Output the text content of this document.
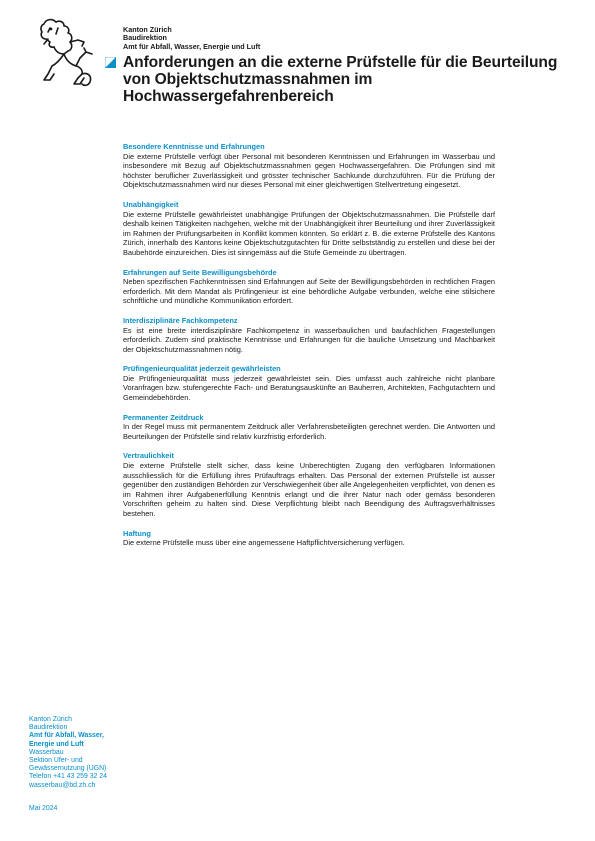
Kanton Zürich
Baudirektion
Amt für Abfall, Wasser, Energie und Luft
Anforderungen an die externe Prüfstelle für die Beurteilung von Objektschutzmassnahmen im Hochwassergefahrenbereich
Besondere Kenntnisse und Erfahrungen

Die externe Prüfstelle verfügt über Personal mit besonderen Kenntnissen und Erfahrungen im Wasserbau und insbesondere mit Bezug auf Objektschutzmassnahmen gegen Hochwassergefahren. Die Prüfungen sind mit höchster beruflicher Zuverlässigkeit und grösster technischer Sachkunde durchzuführen. Für die Prüfung der Objektschutzmassnahmen wird nur dieses Personal mit einer gleichwertigen Stellvertretung eingesetzt.

Unabhängigkeit

Die externe Prüfstelle gewährleistet unabhängige Prüfungen der Objektschutzmassnahmen. Die Prüfstelle darf deshalb keinen Tätigkeiten nachgehen, welche mit der Unabhängigkeit ihrer Beurteilung und ihrer Zuverlässigkeit im Rahmen der Prüfungsarbeiten in Konflikt kommen könnten. So erklärt z. B. die externe Prüfstelle des Kantons Zürich, innerhalb des Kantons keine Objektschutzgutachten für Dritte selbstständig zu erstellen und diese bei der Baubehörde einzureichen. Dies ist sinngemäss auf die Stufe Gemeinde zu übertragen.

Erfahrungen auf Seite Bewilligungsbehörde

Neben spezifischen Fachkenntnissen sind Erfahrungen auf Seite der Bewilligungsbehörden in rechtlichen Fragen erforderlich. Mit dem Mandat als Prüfingenieur ist eine behördliche Aufgabe verbunden, welche eine stilsichere schriftliche und mündliche Kommunikation erfordert.

Interdisziplinäre Fachkompetenz

Es ist eine breite interdisziplinäre Fachkompetenz in wasserbaulichen und baufachlichen Fragestellungen erforderlich. Zudem sind praktische Kenntnisse und Erfahrungen für die bauliche Umsetzung und Machbarkeit der Objektschutzmassnahmen nötig.

Prüfingenieurqualität jederzeit gewährleisten

Die Prüfingenieurqualität muss jederzeit gewährleistet sein. Dies umfasst auch zahlreiche nicht planbare Voranfragen bzw. stufengerechte Fach- und Beratungsauskünfte an Bauherren, Architekten, Fachgutachtern und Gemeindebehörden.

Permanenter Zeitdruck

In der Regel muss mit permanentem Zeitdruck aller Verfahrensbeteiligten gerechnet werden. Die Antworten und Beurteilungen der Prüfstelle sind relativ kurzfristig erforderlich.

Vertraulichkeit

Die externe Prüfstelle stellt sicher, dass keine Unberechtigten Zugang den verfügbaren Informationen ausschliesslich für die Erfüllung ihres Prüfauftrags erhalten. Das Personal der externen Prüfstelle ist ausser gegenüber den zuständigen Behörden zur Verschwiegenheit über alle Angelegenheiten verpflichtet, von denen es im Rahmen ihrer Aufgabenerfüllung Kenntnis erlangt und die ihrer Natur nach oder gemäss besonderen Vorschriften geheim zu halten sind. Diese Verpflichtung bleibt nach Beendigung des Auftragsverhältnisses bestehen.

Haftung

Die externe Prüfstelle muss über eine angemessene Haftpflichtversicherung verfügen.

Kanton Zürich
Baudirektion
Amt für Abfall, Wasser,
Energie und Luft
Wasserbau
Sektion Ufer- und
Gewässernutzung (UGN)
Telefon +41 43 259 32 24
wasserbau@bd.zh.ch
Mai 2024
